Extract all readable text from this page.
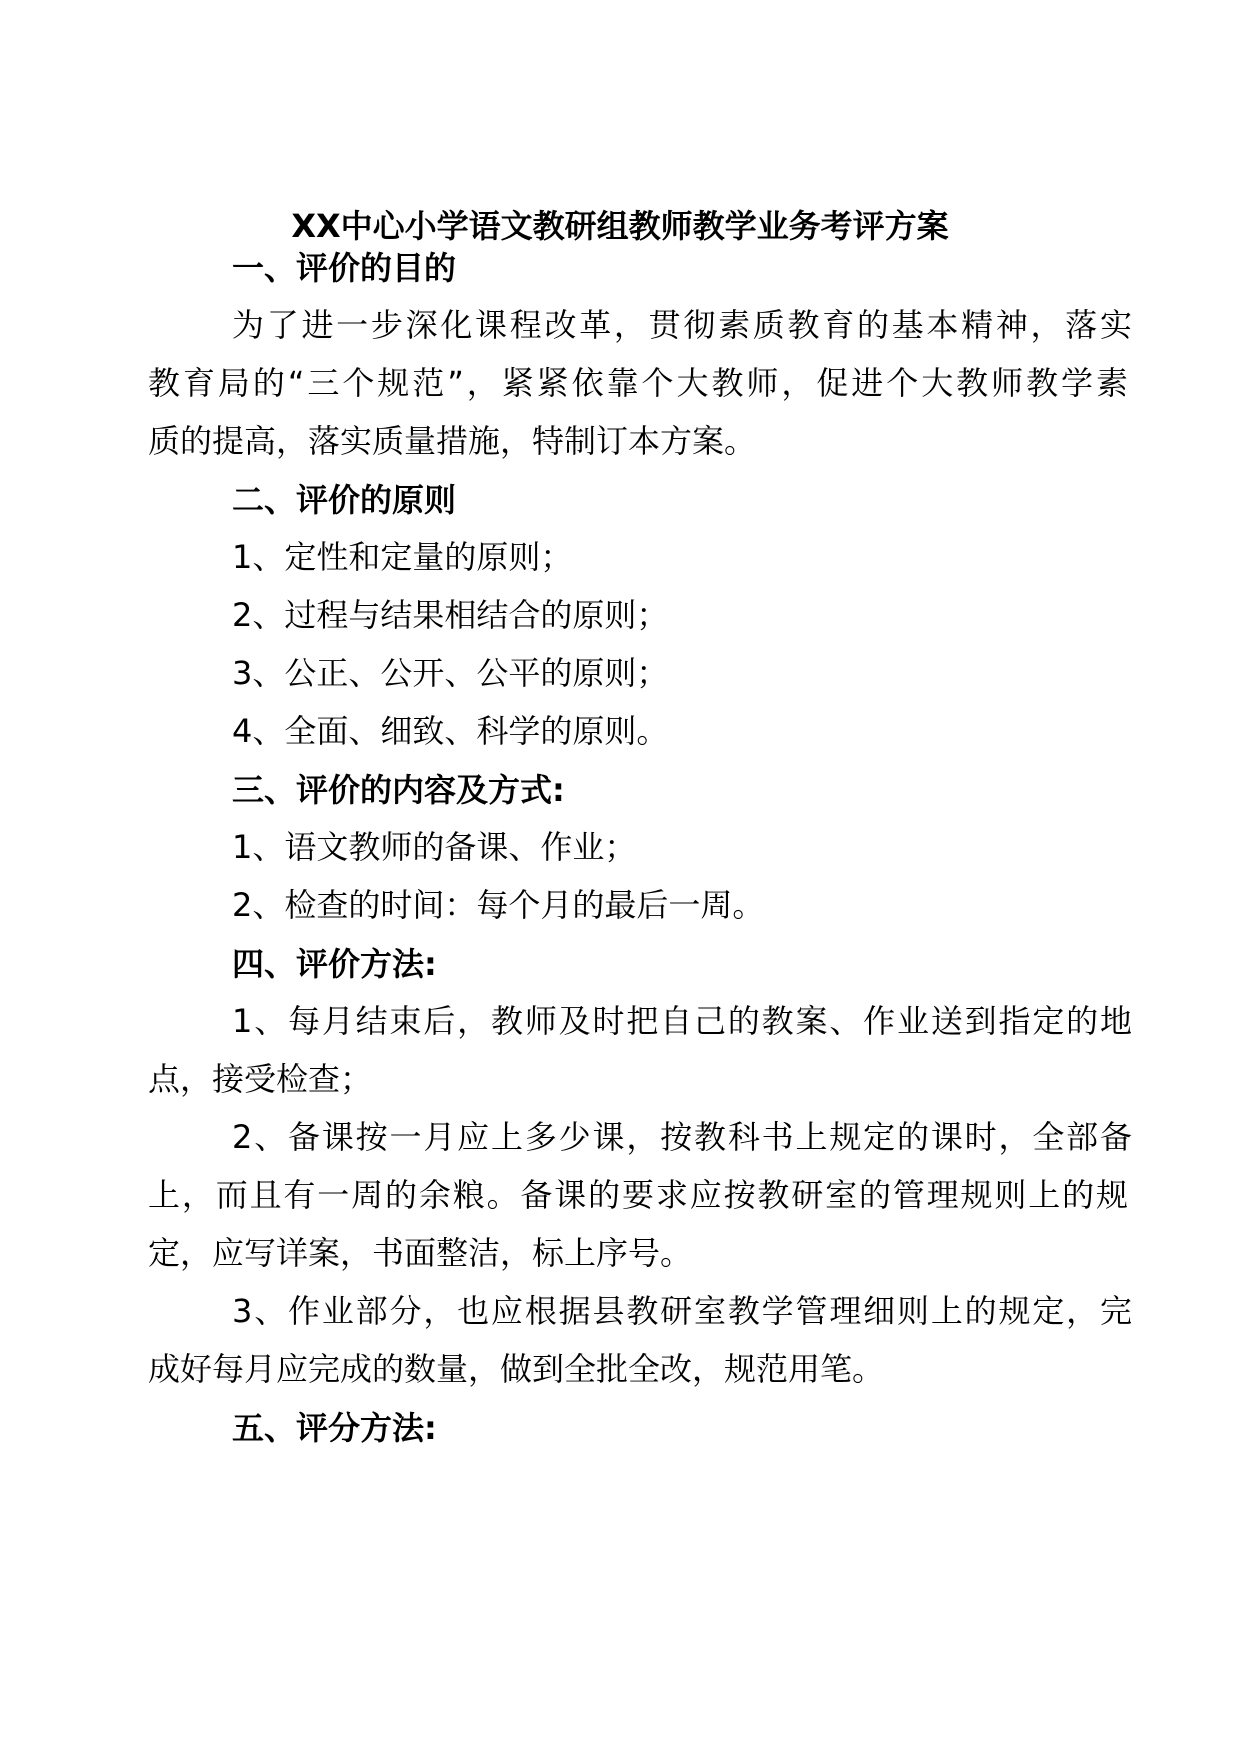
XX中心小学语文教研组教师教学业务考评方案
一、评价的目的
为了进一步深化课程改革，贯彻素质教育的基本精神，落实
教育局的“三个规范”，紧紧依靠个大教师，促进个大教师教学素
质的提高，落实质量措施，特制订本方案。
二、评价的原则
1、定性和定量的原则；
2、过程与结果相结合的原则；
3、公正、公开、公平的原则；
4、全面、细致、科学的原则。
三、评价的内容及方式:
1、语文教师的备课、作业；
2、检查的时间：每个月的最后一周。
四、评价方法:
1、每月结束后，教师及时把自己的教案、作业送到指定的地
点，接受检查；
2、备课按一月应上多少课，按教科书上规定的课时，全部备
上，而且有一周的余粮。备课的要求应按教研室的管理规则上的规
定，应写详案，书面整洁，标上序号。
3、作业部分，也应根据县教研室教学管理细则上的规定，完
成好每月应完成的数量，做到全批全改，规范用笔。
五、评分方法:
